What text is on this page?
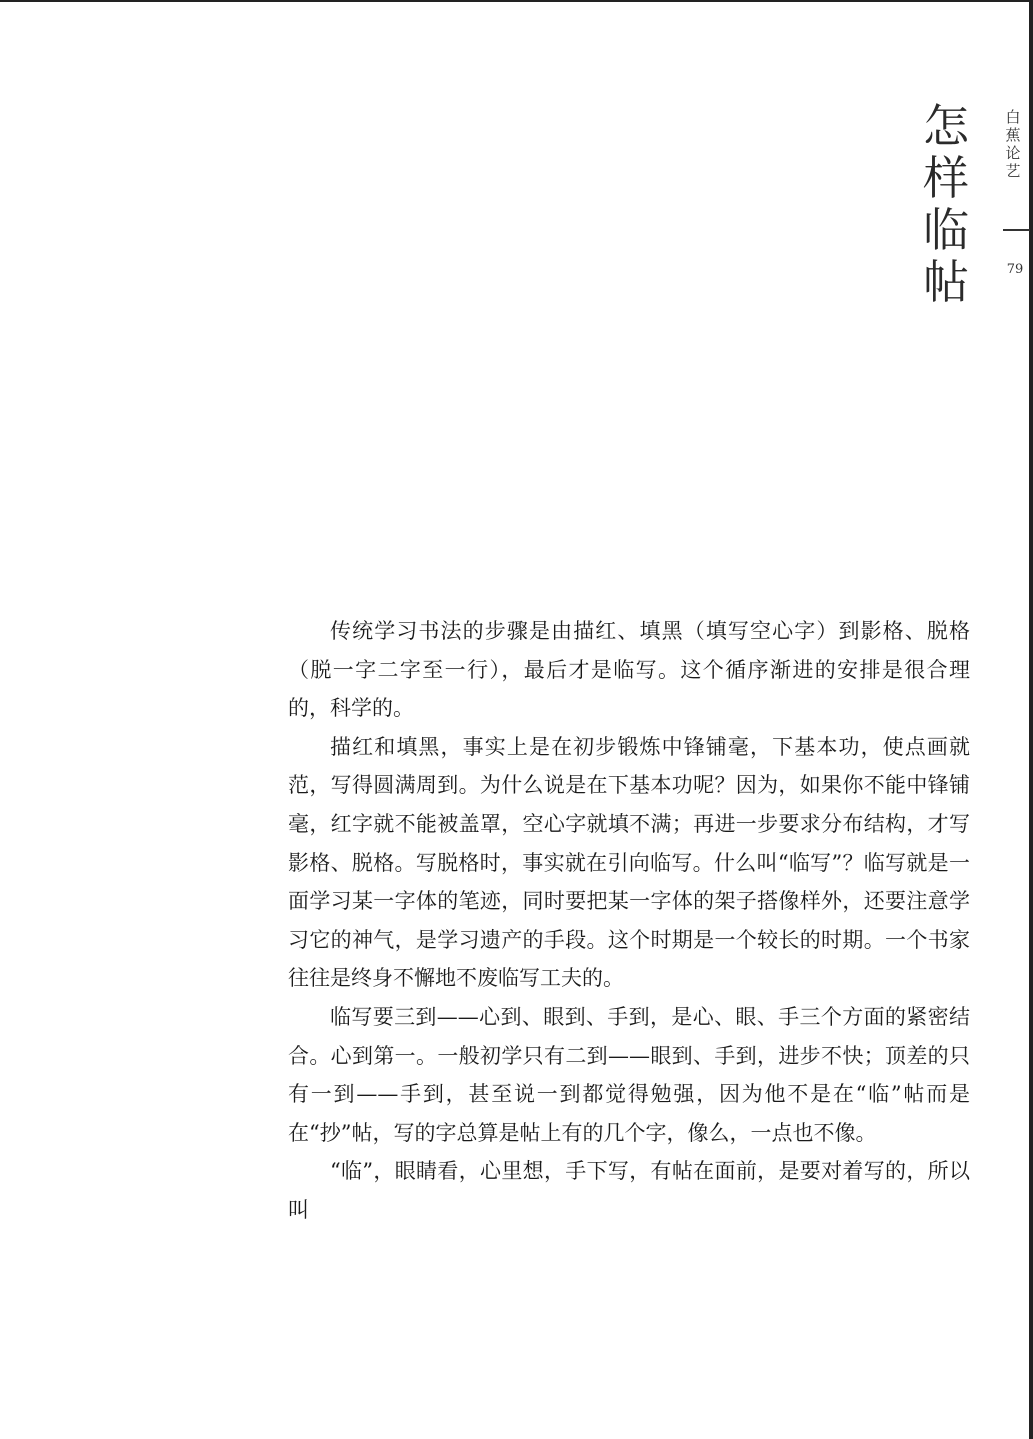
怎样临帖
白蕉论艺
79

传统学习书法的步骤是由描红、填黑（填写空心字）到影格、脱格（脱一字二字至一行），最后才是临写。这个循序渐进的安排是很合理的，科学的。

描红和填黑，事实上是在初步锻炼中锋铺毫，下基本功，使点画就范，写得圆满周到。为什么说是在下基本功呢？因为，如果你不能中锋铺毫，红字就不能被盖罩，空心字就填不满；再进一步要求分布结构，才写影格、脱格。写脱格时，事实就在引向临写。什么叫“临写”？临写就是一面学习某一字体的笔迹，同时要把某一字体的架子搭像样外，还要注意学习它的神气，是学习遗产的手段。这个时期是一个较长的时期。一个书家往往是终身不懈地不废临写工夫的。

临写要三到——心到、眼到、手到，是心、眼、手三个方面的紧密结合。心到第一。一般初学只有二到——眼到、手到，进步不快；顶差的只有一到——手到，甚至说一到都觉得勉强，因为他不是在“临”帖而是在“抄”帖，写的字总算是帖上有的几个字，像么，一点也不像。

“临”，眼睛看，心里想，手下写，有帖在面前，是要对着写的，所以叫
